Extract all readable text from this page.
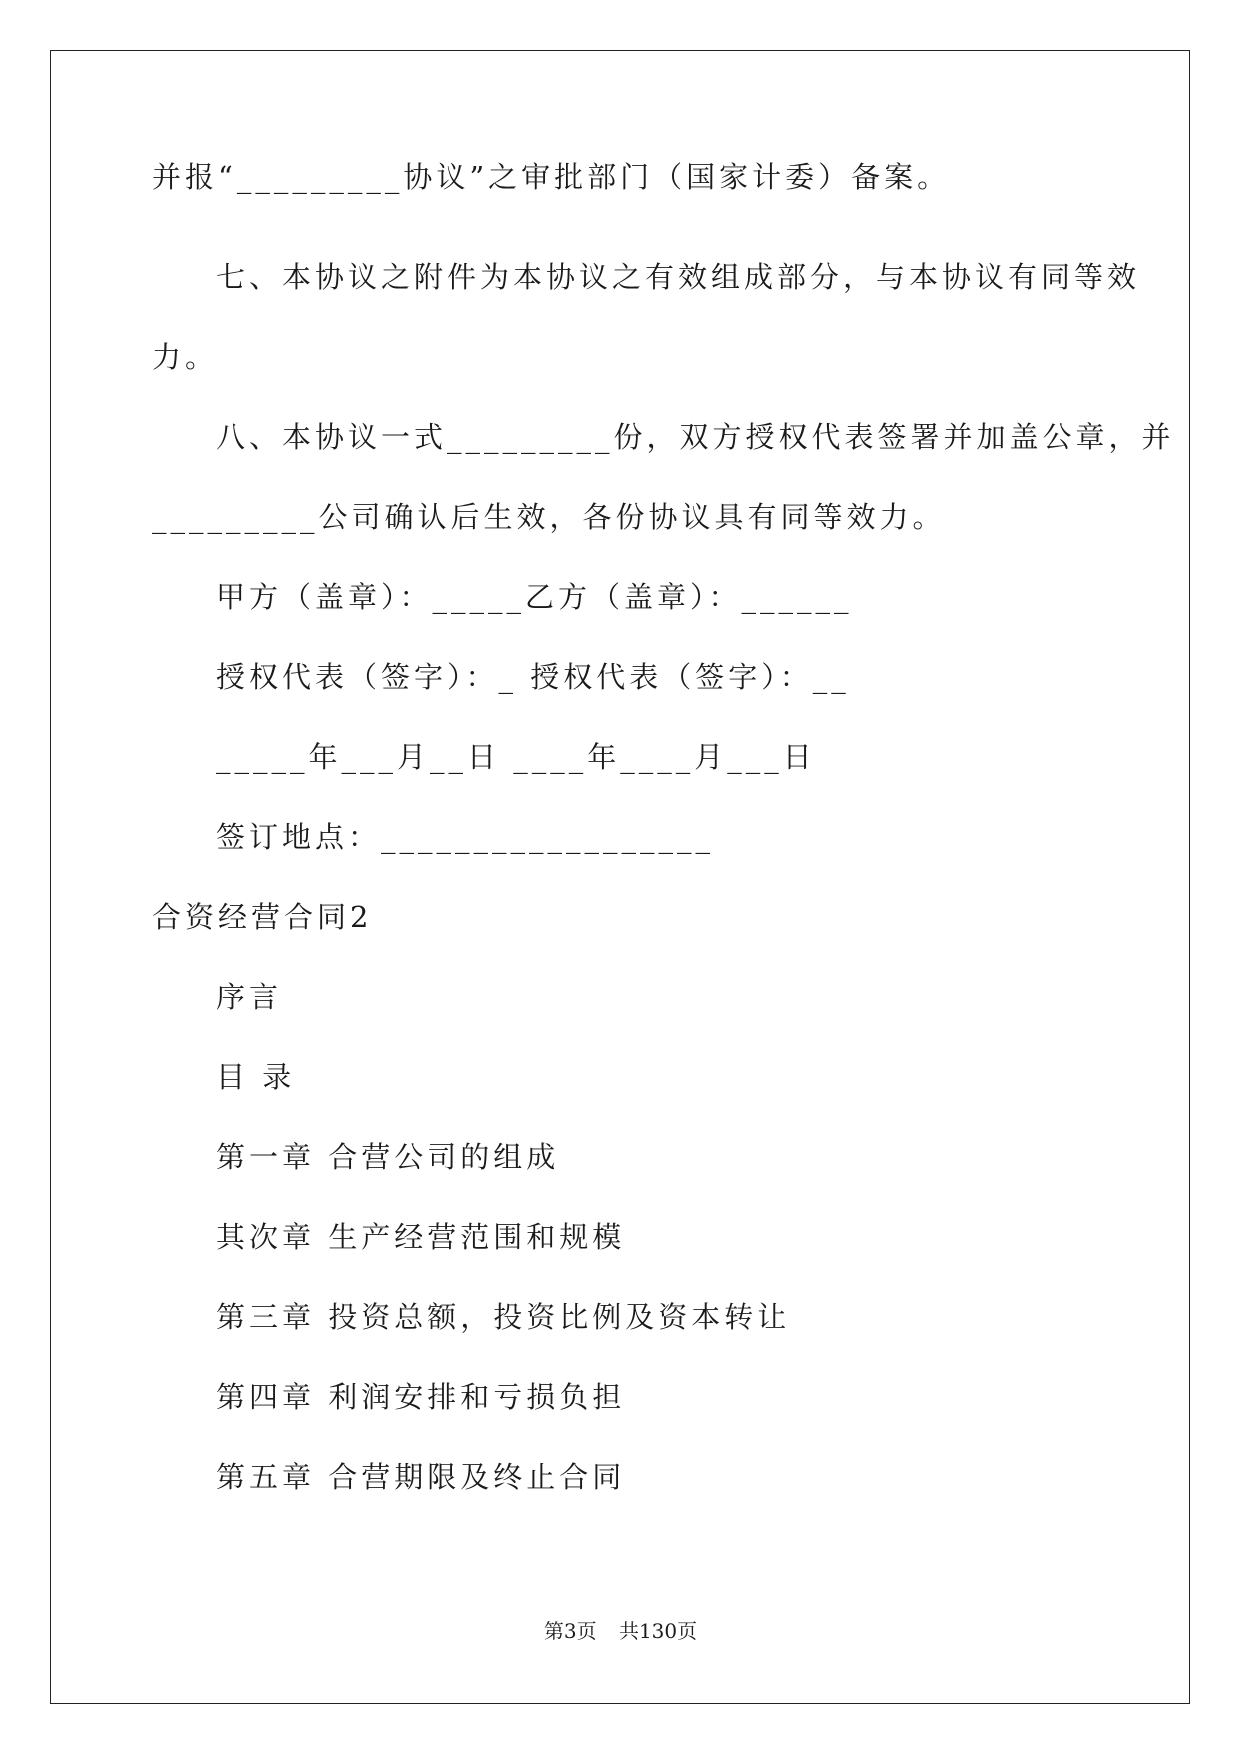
并报“_________协议”之审批部门（国家计委）备案。
七、本协议之附件为本协议之有效组成部分，与本协议有同等效
力。
八、本协议一式_________份，双方授权代表签署并加盖公章，并
_________公司确认后生效，各份协议具有同等效力。
甲方（盖章）：_____乙方（盖章）：______
授权代表（签字）：_ 授权代表（签字）：__
_____年___月__日 ____年____月___日
签订地点：__________________
合资经营合同2
序言
目 录
第一章 合营公司的组成
其次章 生产经营范围和规模
第三章 投资总额，投资比例及资本转让
第四章 利润安排和亏损负担
第五章 合营期限及终止合同
第3页 共130页
